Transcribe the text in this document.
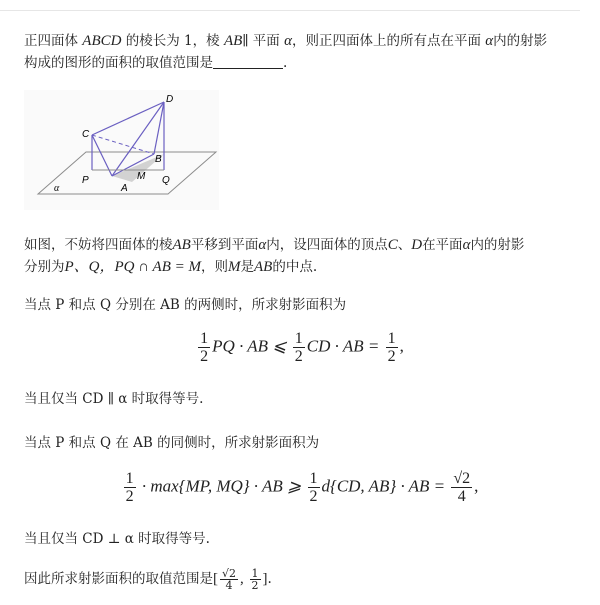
正四面体 ABCD 的棱长为 1，棱 AB∥ 平面 α，则正四面体上的所有点在平面 α内的射影
构成的图形的面积的取值范围是	.
D
C
B
P	M Q
A
α
如图，不妨将四面体的棱AB平移到平面α内，设四面体的顶点C、D在平面α内的射影
分别为P、Q，PQ ∩ AB = M，则M是AB的中点.
当点 P 和点 Q 分别在 AB 的两侧时，所求射影面积为
$\frac{1}{2}$ PQ · AB ⩽ $\frac{1}{2}$ CD · AB = $\frac{1}{2}$ ,
当且仅当 CD ∥ α 时取得等号.
当点 P 和点 Q 在 AB 的同侧时，所求射影面积为
$\frac{1}{2} \cdot \max\{MP$, MQ} · AB ⩾ $\frac{1}{2} d\{CD$, AB} · AB = $\frac{√2}{4}$ ,
当且仅当 CD ⊥ α 时取得等号.
因此所求射影面积的取值范围是[ $\frac{√2}{4}$ , $\frac{1}{2}$ ].
